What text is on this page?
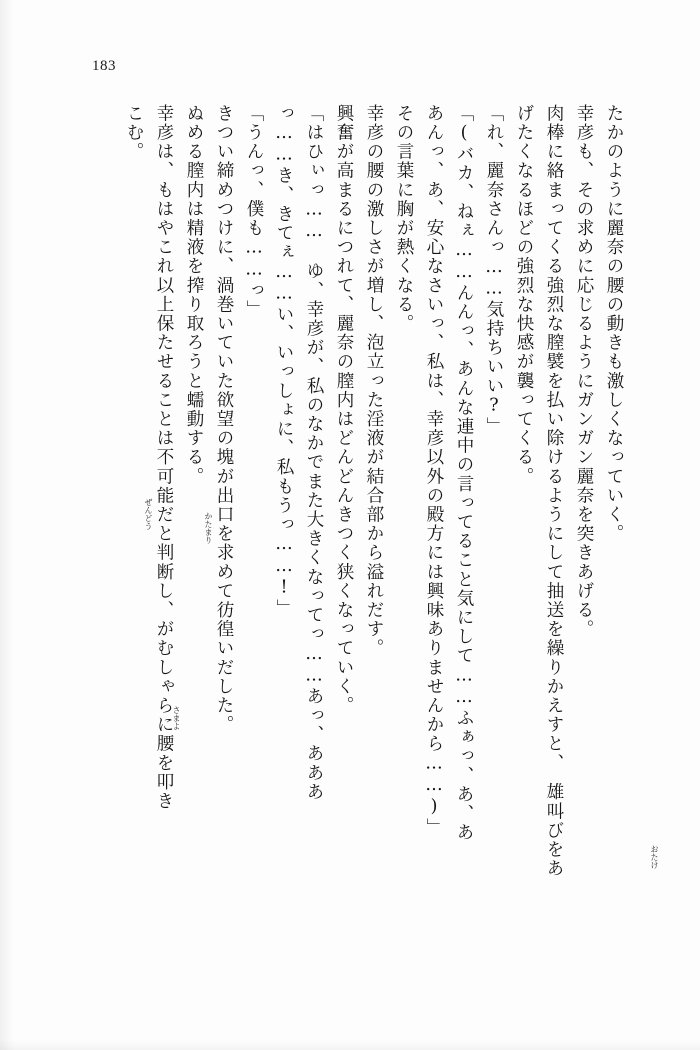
183
たかのように麗奈の腰の動きも激しくなっていく。
幸彦も、その求めに応じるようにガンガン麗奈を突きあげる。
肉棒に絡まってくる強烈な膣襞を払い除けるようにして抽送を繰りかえすと、　雄叫びをあ
げたくなるほどの強烈な快感が襲ってくる。
「れ、麗奈さんっ……気持ちいい?」
「(バカ、ねぇ……んんっ、あんな連中の言ってること気にして……ふぁっ、あ、あ
あんっ、あ、安心なさいっ、私は、幸彦以外の殿方には興味ありませんから……)」
その言葉に胸が熱くなる。
幸彦の腰の激しさが増し、泡立った淫液が結合部から溢れだす。
興奮が高まるにつれて、麗奈の膣内はどんどんきつく狭くなっていく。
「はひぃっ……　ゆ、幸彦が、私のなかでまた大きくなってっ……あっ、あああ
っ……き、きてぇ……い、いっしょに、私もうっ……!」
「うんっ、僕も……っ」
きつい締めつけに、渦巻いていた欲望の塊が出口を求めて彷徨いだした。
ぬめる膣内は精液を搾り取ろうと蠕動する。
幸彦は、もはやこれ以上保たせることは不可能だと判断し、がむしゃらに腰を叩き
こむ。
おたけ
かたまり
さまよ
ぜんどう
